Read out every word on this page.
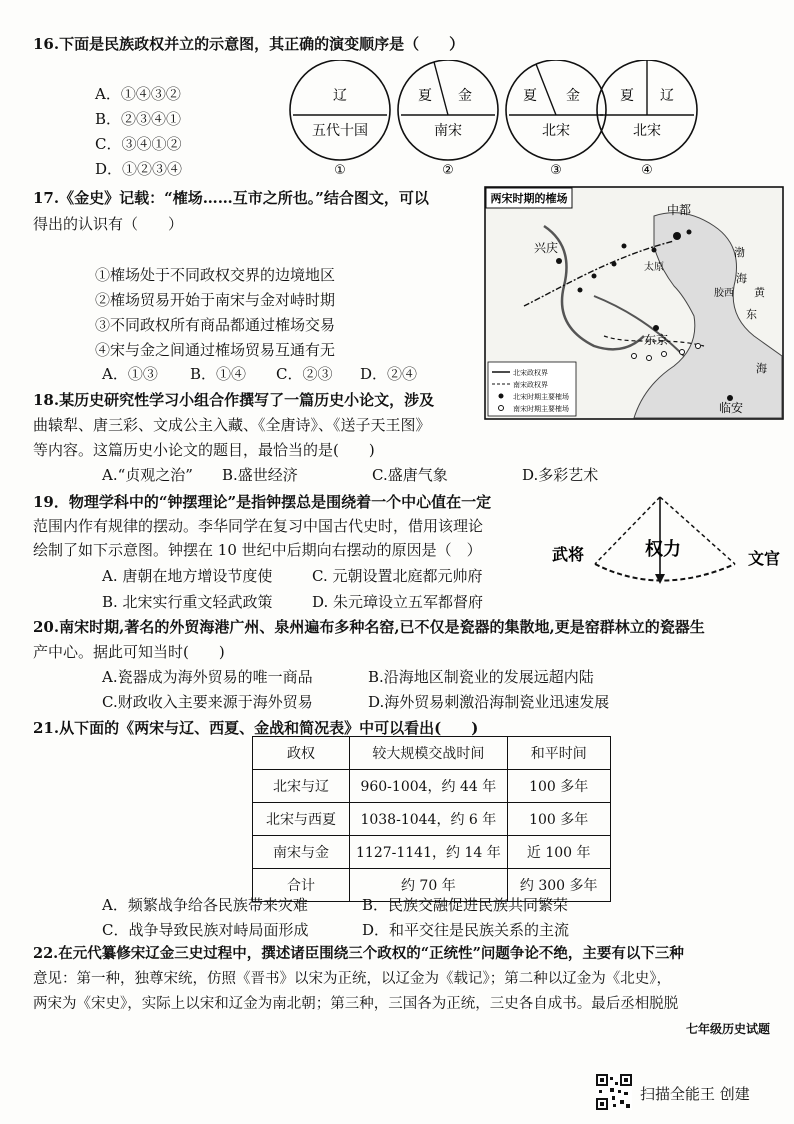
16.下面是民族政权并立的示意图，其正确的演变顺序是（　　）
A．①④③②
B．②③④①
C．③④①②
D．①②③④
辽
五代十国
①
夏 金
南宋
②
夏 金
北宋
③
夏 辽
北宋
④
17.《金史》记载：“榷场……互市之所也。”结合图文，可以
得出的认识有（　　）
①榷场处于不同政权交界的边境地区
②榷场贸易开始于南宋与金对峙时期
③不同政权所有商品都通过榷场交易
④宋与金之间通过榷场贸易互通有无
A．①③ B．①④ C．②③ D．②④
两宋时期的榷场
中都
兴庆
东京
临安
渤
海
黄
东
海
太原
胶西
北宋政权界
南宋政权界
北宋时期主要榷场
南宋时期主要榷场
18.某历史研究性学习小组合作撰写了一篇历史小论文，涉及
曲辕犁、唐三彩、文成公主入藏、《全唐诗》、《送子天王图》
等内容。这篇历史小论文的题目，最恰当的是(　　)
A.“贞观之治” B.盛世经济	C.盛唐气象	D.多彩艺术
19．物理学科中的“钟摆理论”是指钟摆总是围绕着一个中心值在一定
范围内作有规律的摆动。李华同学在复习中国古代史时，借用该理论
绘制了如下示意图。钟摆在 10 世纪中后期向右摆动的原因是（　）
A. 唐朝在地方增设节度使	C. 元朝设置北庭都元帅府
B. 北宋实行重文轻武政策	D. 朱元璋设立五军都督府
武将	权力	文官
20.南宋时期,著名的外贸海港广州、泉州遍布多种名窑,已不仅是瓷器的集散地,更是窑群林立的瓷器生
产中心。据此可知当时(　　)
A.瓷器成为海外贸易的唯一商品	B.沿海地区制瓷业的发展远超内陆
C.财政收入主要来源于海外贸易	D.海外贸易刺激沿海制瓷业迅速发展
21.从下面的《两宋与辽、西夏、金战和简况表》中可以看出(　　)
政权	较大规模交战时间	和平时间
北宋与辽	960-1004，约 44 年	100 多年
北宋与西夏	1038-1044，约 6 年	100 多年
南宋与金	1127-1141，约 14 年	近 100 年
合计	约 70 年	约 300 多年
A．频繁战争给各民族带来灾难	B．民族交融促进民族共同繁荣
C．战争导致民族对峙局面形成	D．和平交往是民族关系的主流
22.在元代纂修宋辽金三史过程中，撰述诸臣围绕三个政权的“正统性”问题争论不绝，主要有以下三种
意见：第一种，独尊宋统，仿照《晋书》以宋为正统，以辽金为《载记》；第二种以辽金为《北史》，
两宋为《宋史》，实际上以宋和辽金为南北朝；第三种，三国各为正统，三史各自成书。最后丞相脱脱
七年级历史试题
扫描全能王 创建
